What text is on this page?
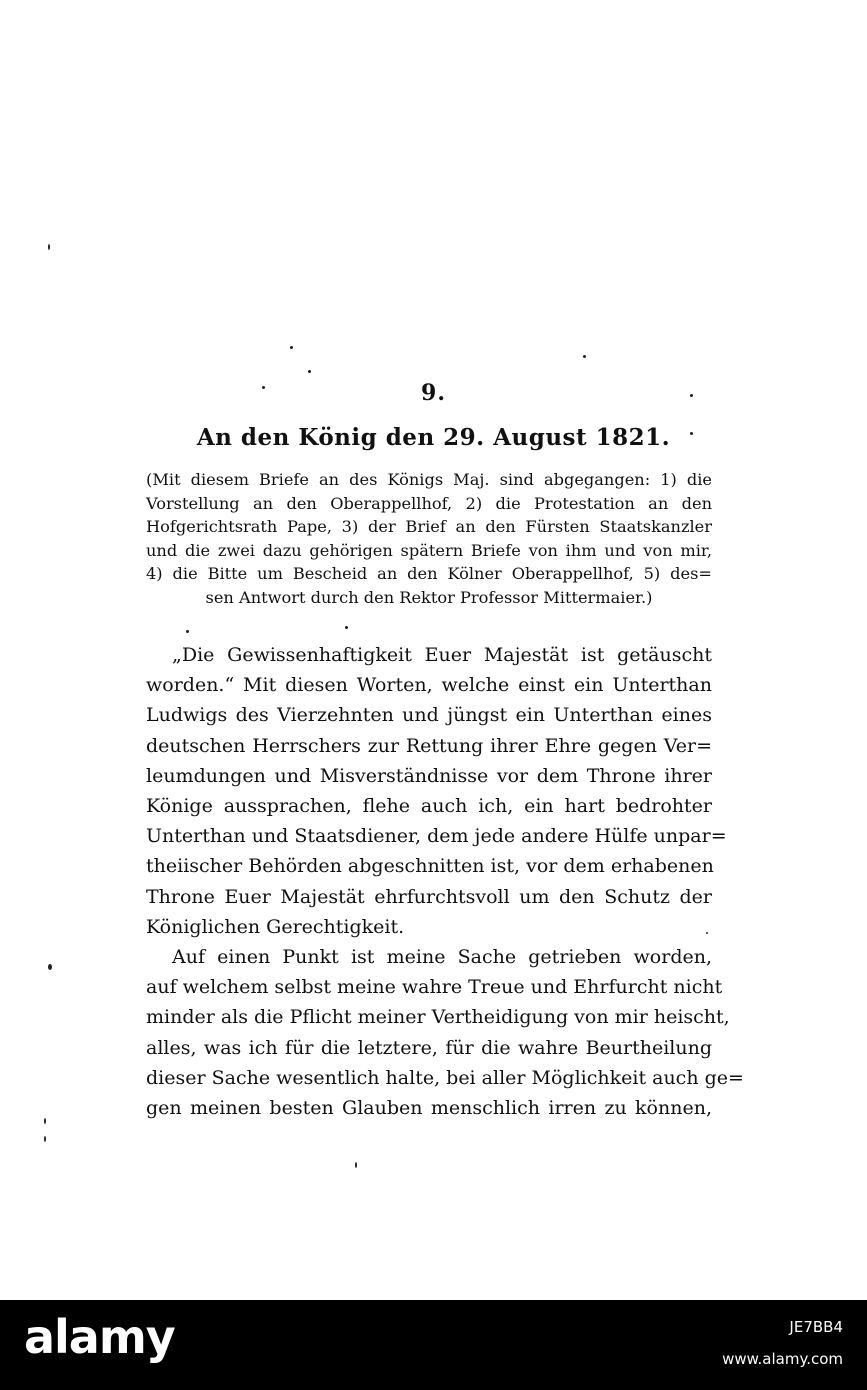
9.
An den König den 29. August 1821.
(Mit diesem Briefe an des Königs Maj. sind abgegangen: 1) die
Vorstellung an den Oberappellhof, 2) die Protestation an den
Hofgerichtsrath Pape, 3) der Brief an den Fürsten Staatskanzler
und die zwei dazu gehörigen spätern Briefe von ihm und von mir,
4) die Bitte um Bescheid an den Kölner Oberappellhof, 5) des=
sen Antwort durch den Rektor Professor Mittermaier.)
„Die Gewissenhaftigkeit Euer Majestät ist getäuscht
worden.“ Mit diesen Worten, welche einst ein Unterthan
Ludwigs des Vierzehnten und jüngst ein Unterthan eines
deutschen Herrschers zur Rettung ihrer Ehre gegen Ver=
leumdungen und Misverständnisse vor dem Throne ihrer
Könige aussprachen, flehe auch ich, ein hart bedrohter
Unterthan und Staatsdiener, dem jede andere Hülfe unpar=
theiischer Behörden abgeschnitten ist, vor dem erhabenen
Throne Euer Majestät ehrfurchtsvoll um den Schutz der
Königlichen Gerechtigkeit.
Auf einen Punkt ist meine Sache getrieben worden,
auf welchem selbst meine wahre Treue und Ehrfurcht nicht
minder als die Pflicht meiner Vertheidigung von mir heischt,
alles, was ich für die letztere, für die wahre Beurtheilung
dieser Sache wesentlich halte, bei aller Möglichkeit auch ge=
gen meinen besten Glauben menschlich irren zu können,
alamy	JE7BB4
www.alamy.com
